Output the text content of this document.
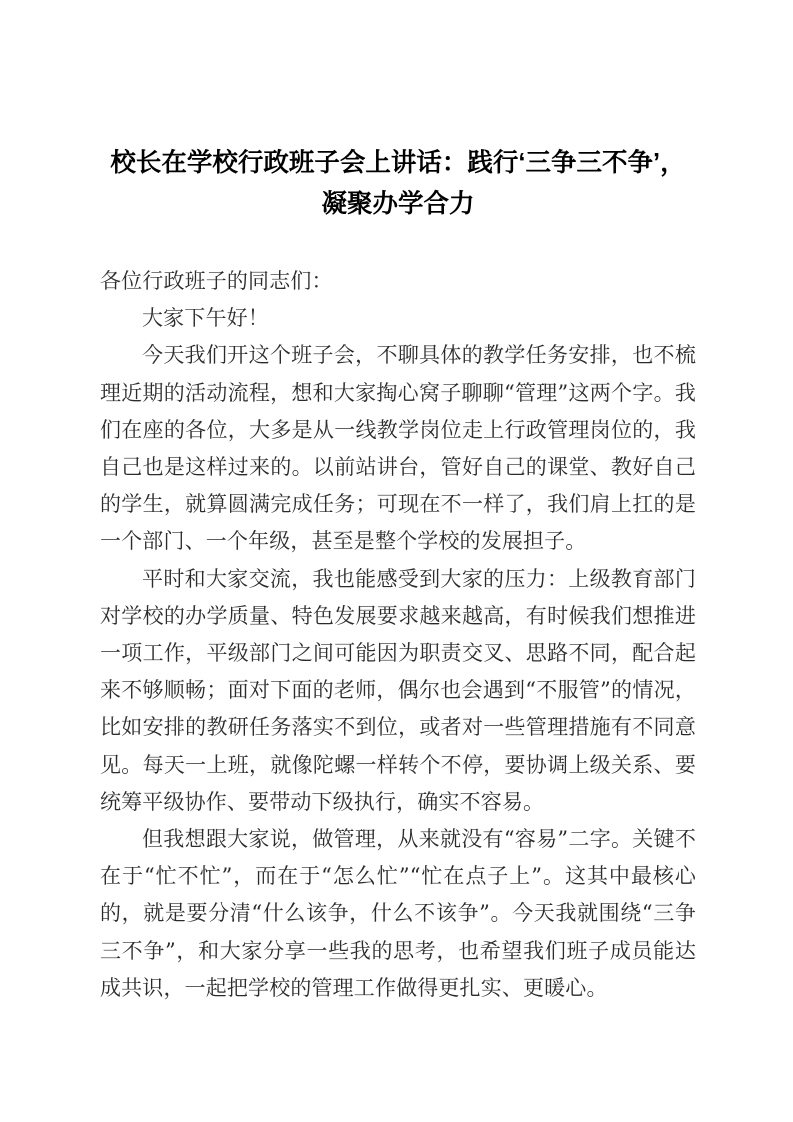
校长在学校行政班子会上讲话：践行‘三争三不争’，凝聚办学合力

各位行政班子的同志们：

大家下午好！

今天我们开这个班子会，不聊具体的教学任务安排，也不梳理近期的活动流程，想和大家掏心窝子聊聊“管理”这两个字。我们在座的各位，大多是从一线教学岗位走上行政管理岗位的，我自己也是这样过来的。以前站讲台，管好自己的课堂、教好自己的学生，就算圆满完成任务；可现在不一样了，我们肩上扛的是一个部门、一个年级，甚至是整个学校的发展担子。

平时和大家交流，我也能感受到大家的压力：上级教育部门对学校的办学质量、特色发展要求越来越高，有时候我们想推进一项工作，平级部门之间可能因为职责交叉、思路不同，配合起来不够顺畅；面对下面的老师，偶尔也会遇到“不服管”的情况，比如安排的教研任务落实不到位，或者对一些管理措施有不同意见。每天一上班，就像陀螺一样转个不停，要协调上级关系、要统筹平级协作、要带动下级执行，确实不容易。

但我想跟大家说，做管理，从来就没有“容易”二字。关键不在于“忙不忙”，而在于“怎么忙”“忙在点子上”。这其中最核心的，就是要分清“什么该争，什么不该争”。今天我就围绕“三争三不争”，和大家分享一些我的思考，也希望我们班子成员能达成共识，一起把学校的管理工作做得更扎实、更暖心。
